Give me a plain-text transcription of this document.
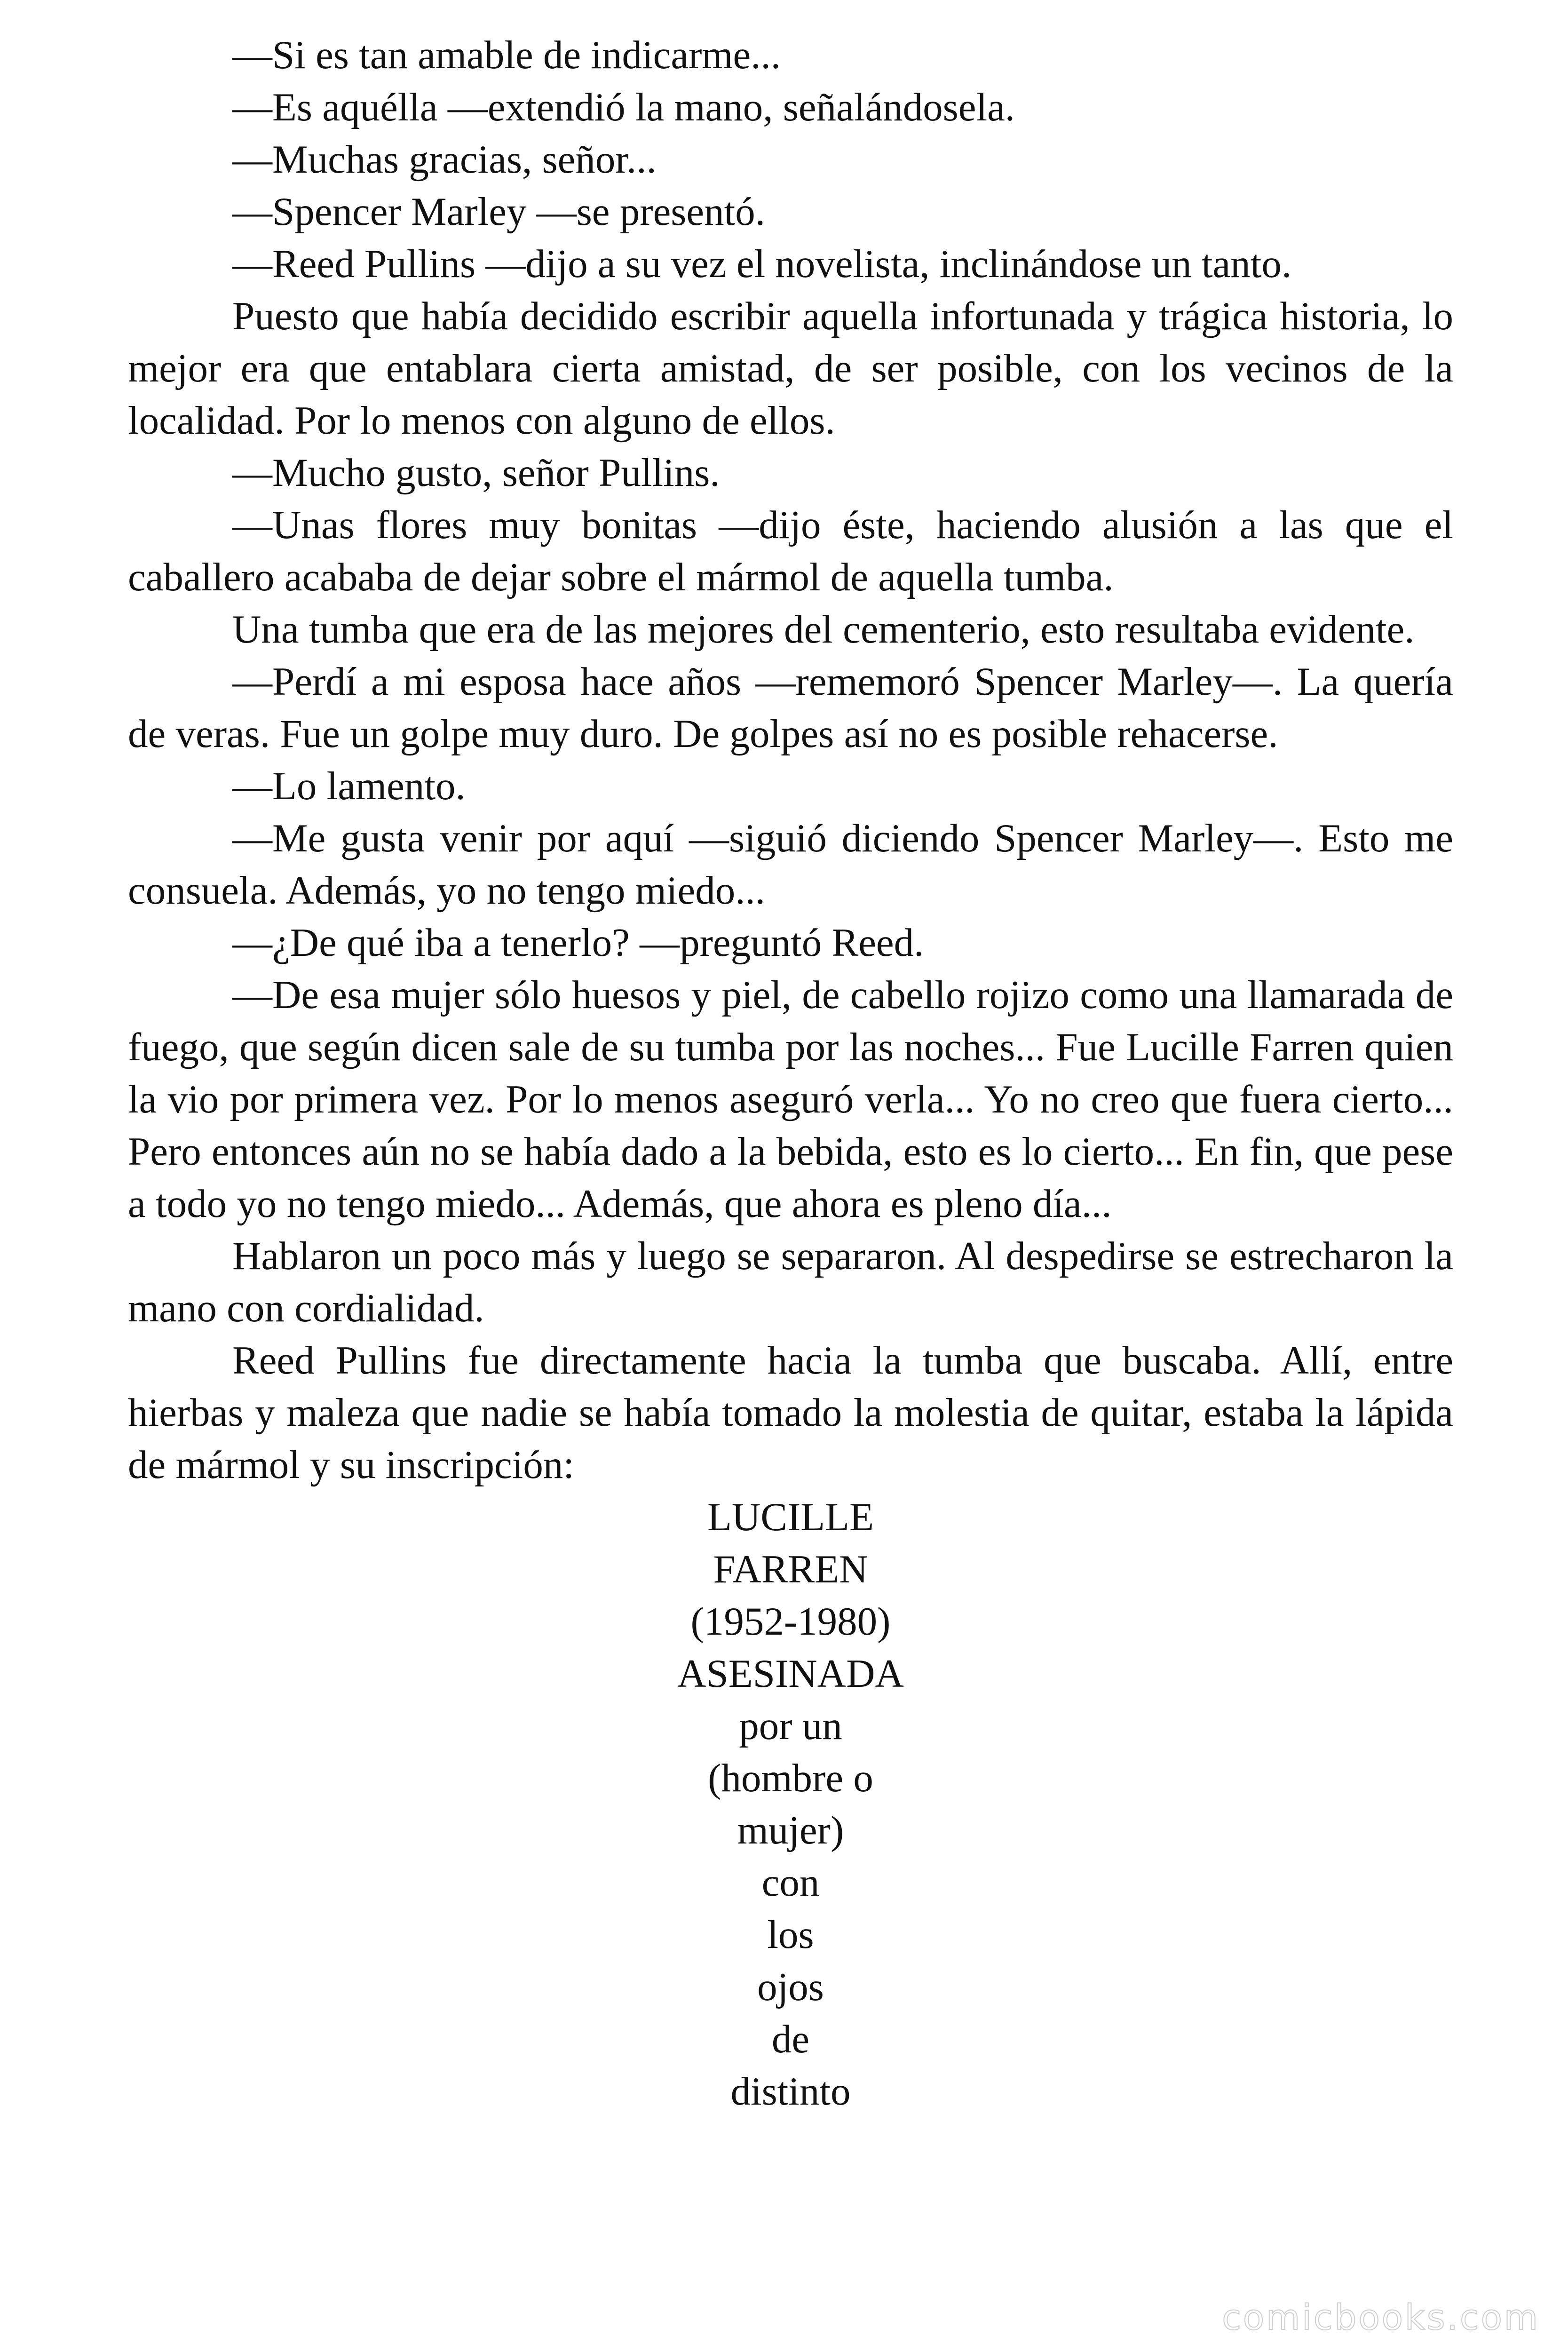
—Si es tan amable de indicarme...

—Es aquélla —extendió la mano, señalándosela.

—Muchas gracias, señor...

—Spencer Marley —se presentó.

—Reed Pullins —dijo a su vez el novelista, inclinándose un tanto.

Puesto que había decidido escribir aquella infortunada y trágica historia, lo mejor era que entablara cierta amistad, de ser posible, con los vecinos de la localidad. Por lo menos con alguno de ellos.

—Mucho gusto, señor Pullins.

—Unas flores muy bonitas —dijo éste, haciendo alusión a las que el caballero acababa de dejar sobre el mármol de aquella tumba.

Una tumba que era de las mejores del cementerio, esto resultaba evidente.

—Perdí a mi esposa hace años —rememoró Spencer Marley—. La quería de veras. Fue un golpe muy duro. De golpes así no es posible rehacerse.

—Lo lamento.

—Me gusta venir por aquí —siguió diciendo Spencer Marley—. Esto me consuela. Además, yo no tengo miedo...

—¿De qué iba a tenerlo? —preguntó Reed.

—De esa mujer sólo huesos y piel, de cabello rojizo como una llamarada de fuego, que según dicen sale de su tumba por las noches... Fue Lucille Farren quien la vio por primera vez. Por lo menos aseguró verla... Yo no creo que fuera cierto... Pero entonces aún no se había dado a la bebida, esto es lo cierto... En fin, que pese a todo yo no tengo miedo... Además, que ahora es pleno día...

Hablaron un poco más y luego se separaron. Al despedirse se estrecharon la mano con cordialidad.

Reed Pullins fue directamente hacia la tumba que buscaba. Allí, entre hierbas y maleza que nadie se había tomado la molestia de quitar, estaba la lápida de mármol y su inscripción:

LUCILLE
FARREN
(1952-1980)
ASESINADA
por un
(hombre o
mujer)
con
los
ojos
de
distinto
comicbooks.com
